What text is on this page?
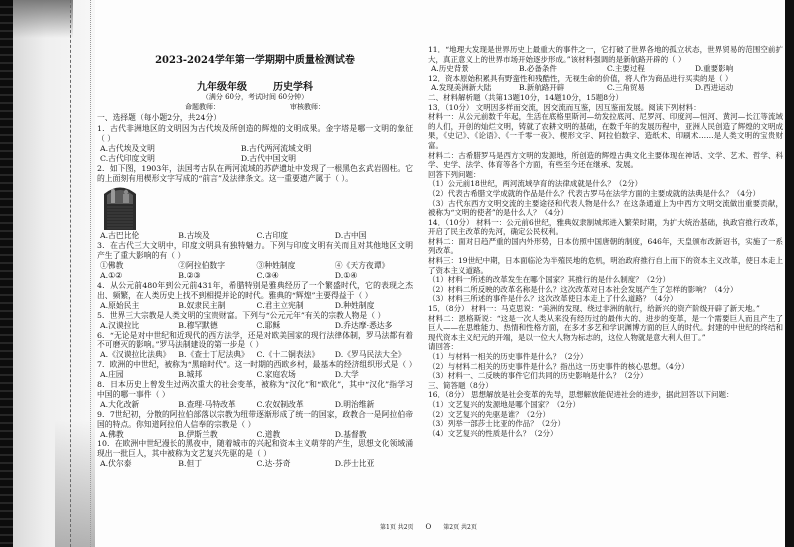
2023-2024学年第一学期期中质量检测试卷
九年级年级	历史学科
（满分 60分，考试时间 60分钟）
命题教师：	审核教师：
一、选择题（每小题2分，共24分）

1．古代非洲地区的文明因为古代埃及所创造的辉煌的文明成果。金字塔是哪一文明的象征（ ）

A.古代埃及文明	B.古代两河流域文明
C.古代印度文明	D.古代中国文明

2．如下图，1903年，法国考古队在两河流域的苏萨遗址中发现了一根黑色玄武岩圆柱。它的上面刻有用楔形文字写成的“前言”及法律条文。这一重要遗产属于（ ）。

A.古巴比伦	B.古埃及	C.古印度	D.古中国

3．在古代三大文明中，印度文明具有独特魅力。下列与印度文明有关而且对其他地区文明产生了重大影响的有（ ）

①佛教	②阿拉伯数字	③种姓制度	④《天方夜谭》
A.①②	B.②③	C.③④	D.①④

4．从公元前480年到公元前431年，希腊特别是雅典经历了一个繁盛时代，它的表现之杰出、频繁，在人类历史上找不到相提并论的时代。雅典的“辉煌”主要得益于（ ）

A.原始民主	B.奴隶民主制	C.君主立宪制	D.种姓制度

5．世界三大宗教是人类文明的宝贵财富。下列与“公元元年”有关的宗教人物是（ ）

A.汉谟拉比	B.穆罕默德	C.耶稣	D.乔达摩·悉达多

6．“无论是对中世纪和近现代的西方法学，还是对欧美国家的现行法律体制，罗马法都有着不可磨灭的影响。”罗马法制建设的第一步是（ ）

A.《汉谟拉比法典》 B.《查士丁尼法典》 C.《十二铜表法》	D.《罗马民法大全》

7．欧洲的中世纪，被称为“黑暗时代”。这一时期的西欧乡村，最基本的经济组织形式是（ ）

A.庄园	B.城邦	C.家庭农场	D.大学

8．日本历史上曾发生过两次重大的社会变革，被称为“汉化”和“欧化”，其中“汉化”指学习中国的哪一事件（ ）

A.大化改新	B.查理·马特改革	C.农奴制改革	D.明治维新

9．7世纪初，分散的阿拉伯部落以宗教为纽带逐渐形成了统一的国家，政教合一是阿拉伯帝国的特点。你知道阿拉伯人信奉的宗教是（ ）

A.佛教	B.伊斯兰教	C.道教	D.基督教

10．在欧洲中世纪漫长的黑夜中，随着城市的兴起和资本主义萌芽的产生，思想文化领域涌现出一批巨人，其中被称为文艺复兴先驱的是（ ）

A.伏尔泰	B.但丁	C.达·芬奇	D.莎士比亚

11．“地理大发现是世界历史上最重大的事件之一，它打破了世界各地的孤立状态，世界贸易的范围空前扩大，真正意义上的世界市场开始逐步形成。”该材料强调的是新航路开辟的（ ）

A.历史背景	B.必备条件	C.主要过程	D.重要影响

12．资本原始积累具有野蛮性和残酷性，无视生命的价值，将人作为商品进行买卖的是（ ）

A.发现美洲新大陆	B.新航路开辟	C.三角贸易	D.西进运动

二、材料解析题（共第13题10分，14题10分，15题8分）

13．（10分） 文明因多样而交流，因交流而互鉴，因互鉴而发展。阅读下列材料：

材料一：从公元前数千年起，生活在底格里斯河—幼发拉底河、尼罗河、印度河—恒河、黄河—长江等流域的人们，开创的灿烂文明，铸就了农耕文明的基础，在数千年的发展历程中，亚洲人民创造了辉煌的文明成果，《史记》、《论语》、《一千零一夜》、楔形文字、阿拉伯数字、造纸术、印刷术……是人类文明的宝贵财富。

材料二：古希腊罗马是西方文明的发源地，所创造的辉煌古典文化主要体现在神话、文学、艺术、哲学、科学、史学、法学、体育等各个方面，有些至今还在继承、发展。

回答下列问题：

（1）公元前18世纪，两河流域孕育的法律成就是什么？（2分）

（2）代表古希腊文学成就的作品是什么？代表古罗马在法学方面的主要成就的法典是什么？（4分）

（3）古代东西方文明交流的主要途径和代表人物是什么？在这条通道上为中西方文明交流做出重要贡献，被称为“文明的使者”的是什么人？（4分）

14．（10分） 材料一：公元前6世纪，雅典奴隶制城邦进入繁荣时期，为扩大统治基础，执政官推行改革，开启了民主改革的先河，确定公民权利。

材料二：面对日趋严重的国内外形势，日本仿照中国唐朝的制度，646年，天皇颁布改新诏书，实施了一系列改革。

材料三：19世纪中期，日本面临沦为半殖民地的危机，明治政府推行自上而下的资本主义改革，使日本走上了资本主义道路。

（1）材料一所述的改革发生在哪个国家？其推行的是什么制度？（2分）

（2）材料二所反映的改革名称是什么？这次改革对日本社会发展产生了怎样的影响？（4分）

（3）材料三所述的事件是什么？这次改革使日本走上了什么道路？（4分）

15．（8分） 材料一：马克思说：“美洲的发现、绕过非洲的航行，给新兴的资产阶级开辟了新天地。”

材料二：恩格斯说：“这是一次人类从来没有经历过的最伟大的、进步的变革，是一个需要巨人而且产生了巨人——在思维能力、热情和性格方面，在多才多艺和学识渊博方面的巨人的时代。封建的中世纪的终结和现代资本主义纪元的开端，是以一位大人物为标志的，这位人物就是意大利人但丁。”

请回答：

（1）与材料一相关的历史事件是什么？（2分）

（2）与材料二相关的历史事件是什么？指出这一历史事件的核心思想。（4分）

（3）材料一、二反映的事件它们共同的历史影响是什么？（2分）

三、简答题（8分）

16．（8分） 思想解放是社会变革的先导，思想解放能促进社会的进步，据此回答以下问题：

（1）文艺复兴的发源地是哪个国家？（2分）

（2）文艺复兴的先驱是谁？（2分）

（3）列举一部莎士比亚的作品？（2分）

（4）文艺复兴的性质是什么？（2分）

第1页 共2页 O 第2页 共2页
